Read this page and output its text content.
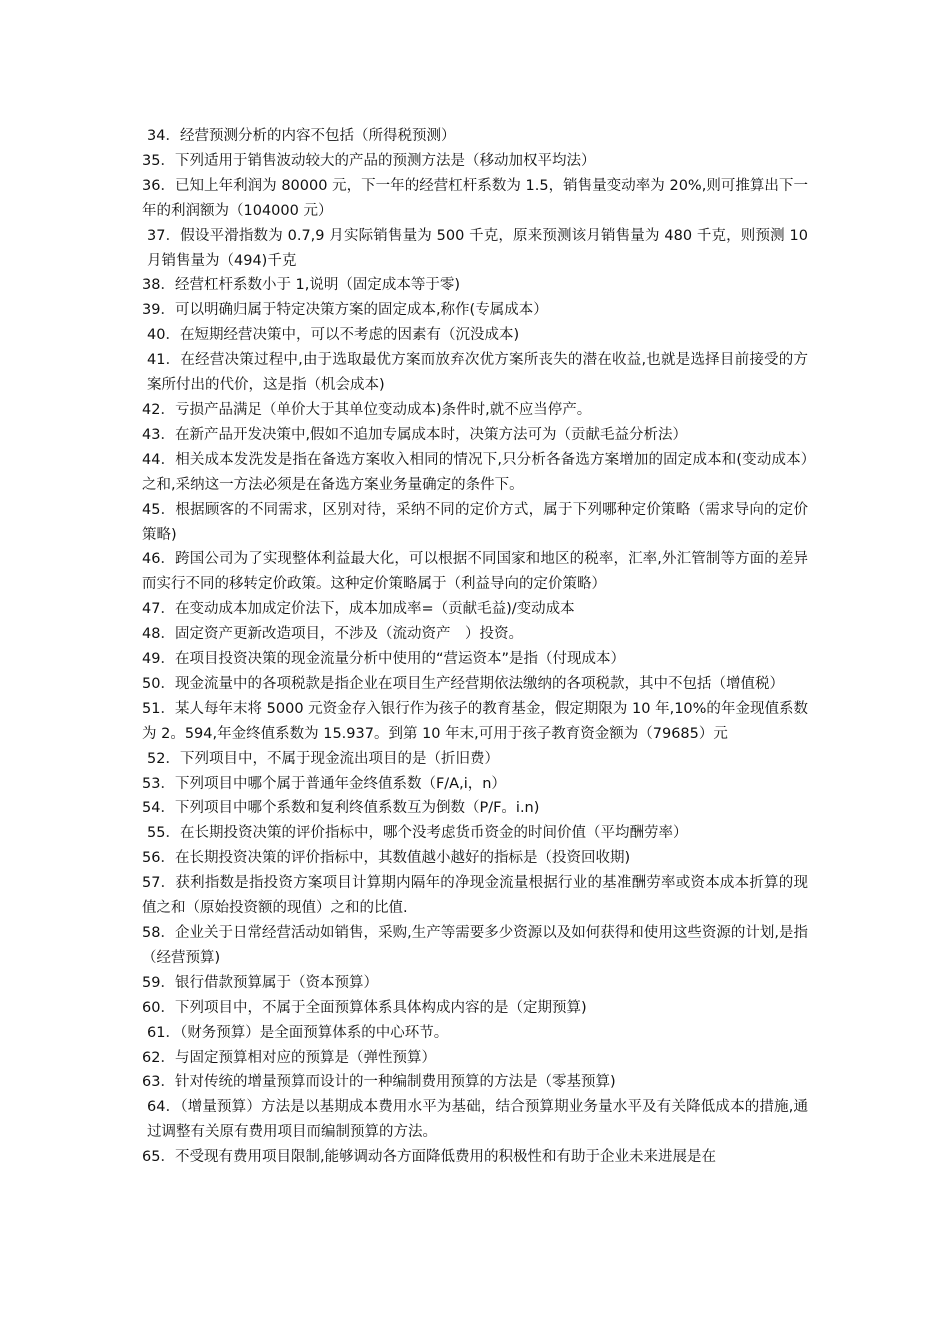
34．经营预测分析的内容不包括（所得税预测）

35．下列适用于销售波动较大的产品的预测方法是（移动加权平均法）

36．已知上年利润为 80000 元，下一年的经营杠杆系数为 1.5，销售量变动率为 20%,则可推算出下一年的利润额为（104000 元）

37．假设平滑指数为 0.7,9 月实际销售量为 500 千克，原来预测该月销售量为 480 千克，则预测 10 月销售量为（494)千克

38．经营杠杆系数小于 1,说明（固定成本等于零)

39．可以明确归属于特定决策方案的固定成本,称作(专属成本）

40．在短期经营决策中，可以不考虑的因素有（沉没成本)

41．在经营决策过程中,由于选取最优方案而放弃次优方案所丧失的潜在收益,也就是选择目前接受的方案所付出的代价，这是指（机会成本)

42．亏损产品满足（单价大于其单位变动成本)条件时,就不应当停产。

43．在新产品开发决策中,假如不追加专属成本时，决策方法可为（贡献毛益分析法）

44．相关成本发洗发是指在备选方案收入相同的情况下,只分析各备选方案增加的固定成本和(变动成本）之和,采纳这一方法必须是在备选方案业务量确定的条件下。

45．根据顾客的不同需求，区别对待，采纳不同的定价方式，属于下列哪种定价策略（需求导向的定价策略)

46．跨国公司为了实现整体利益最大化，可以根据不同国家和地区的税率，汇率,外汇管制等方面的差异而实行不同的移转定价政策。这种定价策略属于（利益导向的定价策略）

47．在变动成本加成定价法下，成本加成率=（贡献毛益)/变动成本

48．固定资产更新改造项目，不涉及（流动资产　）投资。

49．在项目投资决策的现金流量分析中使用的“营运资本”是指（付现成本）

50．现金流量中的各项税款是指企业在项目生产经营期依法缴纳的各项税款，其中不包括（增值税）

51．某人每年末将 5000 元资金存入银行作为孩子的教育基金，假定期限为 10 年,10%的年金现值系数为 2。594,年金终值系数为 15.937。到第 10 年末,可用于孩子教育资金额为（79685）元

52．下列项目中，不属于现金流出项目的是（折旧费）

53．下列项目中哪个属于普通年金终值系数（F/A,i，n）

54．下列项目中哪个系数和复利终值系数互为倒数（P/F。i.n)

55．在长期投资决策的评价指标中，哪个没考虑货币资金的时间价值（平均酬劳率）

56．在长期投资决策的评价指标中，其数值越小越好的指标是（投资回收期)

57．获利指数是指投资方案项目计算期内隔年的净现金流量根据行业的基准酬劳率或资本成本折算的现值之和（原始投资额的现值）之和的比值.

58．企业关于日常经营活动如销售，采购,生产等需要多少资源以及如何获得和使用这些资源的计划,是指（经营预算)

59．银行借款预算属于（资本预算）

60．下列项目中，不属于全面预算体系具体构成内容的是（定期预算)

61．（财务预算）是全面预算体系的中心环节。

62．与固定预算相对应的预算是（弹性预算）

63．针对传统的增量预算而设计的一种编制费用预算的方法是（零基预算)

64．（增量预算）方法是以基期成本费用水平为基础，结合预算期业务量水平及有关降低成本的措施,通过调整有关原有费用项目而编制预算的方法。

65．不受现有费用项目限制,能够调动各方面降低费用的积极性和有助于企业未来进展是在
